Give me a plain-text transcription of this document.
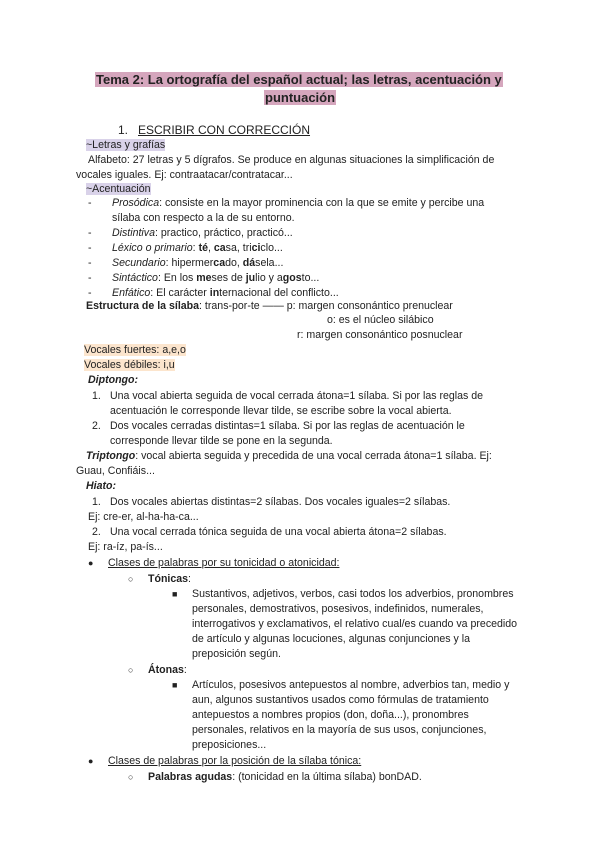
Tema 2: La ortografía del español actual; las letras, acentuación y
puntuación
1. ESCRIBIR CON CORRECCIÓN
~Letras y grafías
Alfabeto: 27 letras y 5 dígrafos. Se produce en algunas situaciones la simplificación de
vocales iguales. Ej: contraatacar/contratacar...
~Acentuación
- Prosódica: consiste en la mayor prominencia con la que se emite y percibe una
sílaba con respecto a la de su entorno.
- Distintiva: practico, práctico, practicó...
- Léxico o primario: té, casa, triciclo...
- Secundario: hipermercado, dásela...
- Sintáctico: En los meses de julio y agosto...
- Enfático: El carácter internacional del conflicto...
Estructura de la sílaba: trans-por-te —— p: margen consonántico prenuclear
o: es el núcleo silábico
r: margen consonántico posnuclear
Vocales fuertes: a,e,o
Vocales débiles: i,u
Diptongo:
1. Una vocal abierta seguida de vocal cerrada átona=1 sílaba. Si por las reglas de
acentuación le corresponde llevar tilde, se escribe sobre la vocal abierta.
2. Dos vocales cerradas distintas=1 sílaba. Si por las reglas de acentuación le
corresponde llevar tilde se pone en la segunda.
Triptongo: vocal abierta seguida y precedida de una vocal cerrada átona=1 sílaba. Ej:
Guau, Confiáis...
Hiato:
1. Dos vocales abiertas distintas=2 sílabas. Dos vocales iguales=2 sílabas.
Ej: cre-er, al-ha-ha-ca...
2. Una vocal cerrada tónica seguida de una vocal abierta átona=2 sílabas.
Ej: ra-íz, pa-ís...
● Clases de palabras por su tonicidad o atonicidad:
○ Tónicas:
■ Sustantivos, adjetivos, verbos, casi todos los adverbios, pronombres
personales, demostrativos, posesivos, indefinidos, numerales,
interrogativos y exclamativos, el relativo cual/es cuando va precedido
de artículo y algunas locuciones, algunas conjunciones y la
preposición según.
○ Átonas:
■ Artículos, posesivos antepuestos al nombre, adverbios tan, medio y
aun, algunos sustantivos usados como fórmulas de tratamiento
antepuestos a nombres propios (don, doña...), pronombres
personales, relativos en la mayoría de sus usos, conjunciones,
preposiciones...
● Clases de palabras por la posición de la sílaba tónica:
○ Palabras agudas: (tonicidad en la última sílaba) bonDAD.
